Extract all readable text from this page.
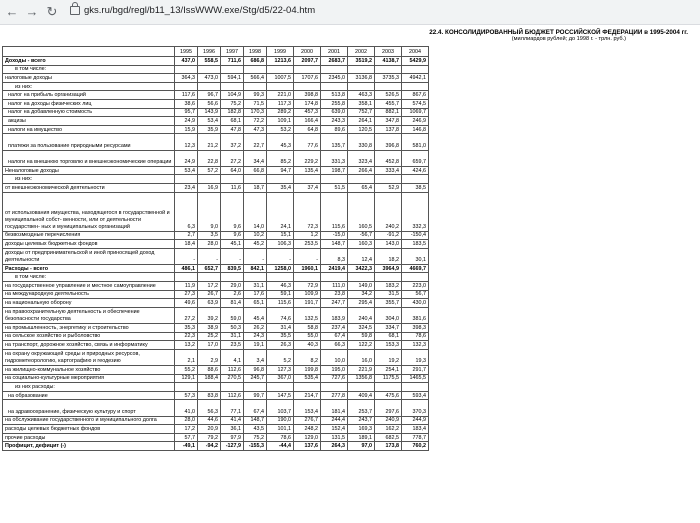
← → ↻	gks.ru/bgd/regl/b11_13/IssWWW.exe/Stg/d5/22-04.htm
22.4. КОНСОЛИДИРОВАННЫЙ БЮДЖЕТ РОССИЙСКОЙ ФЕДЕРАЦИИ в 1995-2004 гг.
(миллиардов рублей; до 1998 г. - трлн. руб.)
	1995	1996	1997	1998	1999	2000	2001	2002	2003	2004
Доходы - всего	437,0	558,5	711,6	686,8	1213,6	2097,7	2683,7	3519,2	4138,7	5429,9
в том числе:										
налоговые доходы	364,3	473,0	594,1	566,4	1007,5	1707,6	2345,0	3136,8	3735,3	4942,1
из них:										
налог на прибыль организаций	117,6	96,7	104,9	99,3	221,0	398,8	513,8	463,3	526,5	867,6
налог на доходы физических лиц	38,6	56,6	75,2	71,5	117,3	174,8	255,8	358,1	455,7	574,5
налог на добавленную стоимость	95,7	143,9	182,8	170,3	289,2	457,3	639,0	752,7	882,1	1069,7
акцизы	24,9	53,4	68,1	72,2	109,1	166,4	243,3	264,1	347,8	246,9
налоги на имущество	15,9	35,9	47,8	47,3	53,2	64,8	89,6	120,5	137,8	146,8
платежи за пользование природными ресурсами	12,3	21,2	37,2	22,7	45,3	77,6	135,7	330,8	396,8	581,0
налоги на внешнюю торговлю и внешнеэкономические операции	24,9	22,8	27,2	34,4	85,2	229,2	331,3	323,4	452,8	659,7
Неналоговые доходы	53,4	57,2	64,0	66,8	94,7	135,4	198,7	266,4	333,4	424,6
из них:										
от внешнеэкономической деятельности	23,4	16,9	11,6	18,7	35,4	37,4	51,5	65,4	52,9	38,5
от использования имущества, находящегося в государственной и муниципальной собст- венности, или от деятельности государствен- ных и муниципальных организаций	6,3	9,0	9,6	14,0	24,1	72,3	115,6	160,5	240,2	332,3
безвозмездные перечисления	2,7	3,5	9,6	10,2	15,1	1,2	-15,0	-56,7	-91,2	-150,4
доходы целевых бюджетных фондов	18,4	28,0	45,1	45,2	106,3	253,5	148,7	160,3	143,0	183,5
доходы от предпринимательской и иной приносящей доход деятельности	-	-	-	-	-	-	8,3	12,4	18,2	30,1
Расходы - всего	486,1	652,7	839,5	842,1	1258,0	1960,1	2419,4	3422,3	3964,9	4669,7
в том числе:										
на государственное управление и местное самоуправление	11,9	17,2	29,0	31,1	46,3	72,9	111,0	149,0	183,2	223,0
на международную деятельность	27,3	26,7	2,6	17,6	59,1	109,9	23,8	34,2	31,5	56,7
на национальную оборону	49,6	63,9	81,4	65,1	115,6	191,7	247,7	295,4	355,7	430,0
на правоохранительную деятельность и обеспечение безопасности государства	27,2	39,2	59,0	45,4	74,6	132,5	183,9	240,4	304,0	381,6
на промышленность, энергетику и строительство	35,3	38,9	50,3	26,2	31,4	58,8	237,4	324,5	334,7	398,3
на сельское хозяйство и рыболовство	22,3	25,2	31,1	24,3	35,5	55,0	67,4	59,8	68,1	78,6
на транспорт, дорожное хозяйство, связь и информатику	13,2	17,0	23,5	19,1	26,3	40,3	66,3	122,2	153,3	132,3
на охрану окружающей среды и природных ресурсов, гидрометеорологию, картографию и геодезию	2,1	2,9	4,1	3,4	5,2	8,2	10,0	16,0	19,2	19,3
на жилищно-коммунальное хозяйство	55,2	88,6	112,6	96,8	127,3	199,8	195,0	221,9	254,1	291,7
на социально-культурные мероприятия	129,1	188,4	270,5	245,7	367,0	535,4	727,6	1356,8	1175,5	1465,5
из них расходы:										
на образование	57,3	83,8	112,6	99,7	147,5	214,7	277,8	409,4	475,6	593,4
на здравоохранение, физическую культуру и спорт	41,0	56,3	77,1	67,4	103,7	153,4	181,4	253,7	297,6	370,3
на обслуживание государственного и муниципального долга	28,0	44,6	41,4	148,7	190,0	276,7	244,4	243,7	240,9	244,9
расходы целевых бюджетных фондов	17,2	20,9	36,1	43,5	101,1	248,2	152,4	169,3	162,2	183,4
прочие расходы	57,7	79,2	97,9	75,2	78,6	129,0	131,5	189,1	682,5	778,7
Профицит, дефицит (-)	-49,1	-94,2	-127,9	-155,3	-44,4	137,6	264,3	97,0	173,8	760,2
